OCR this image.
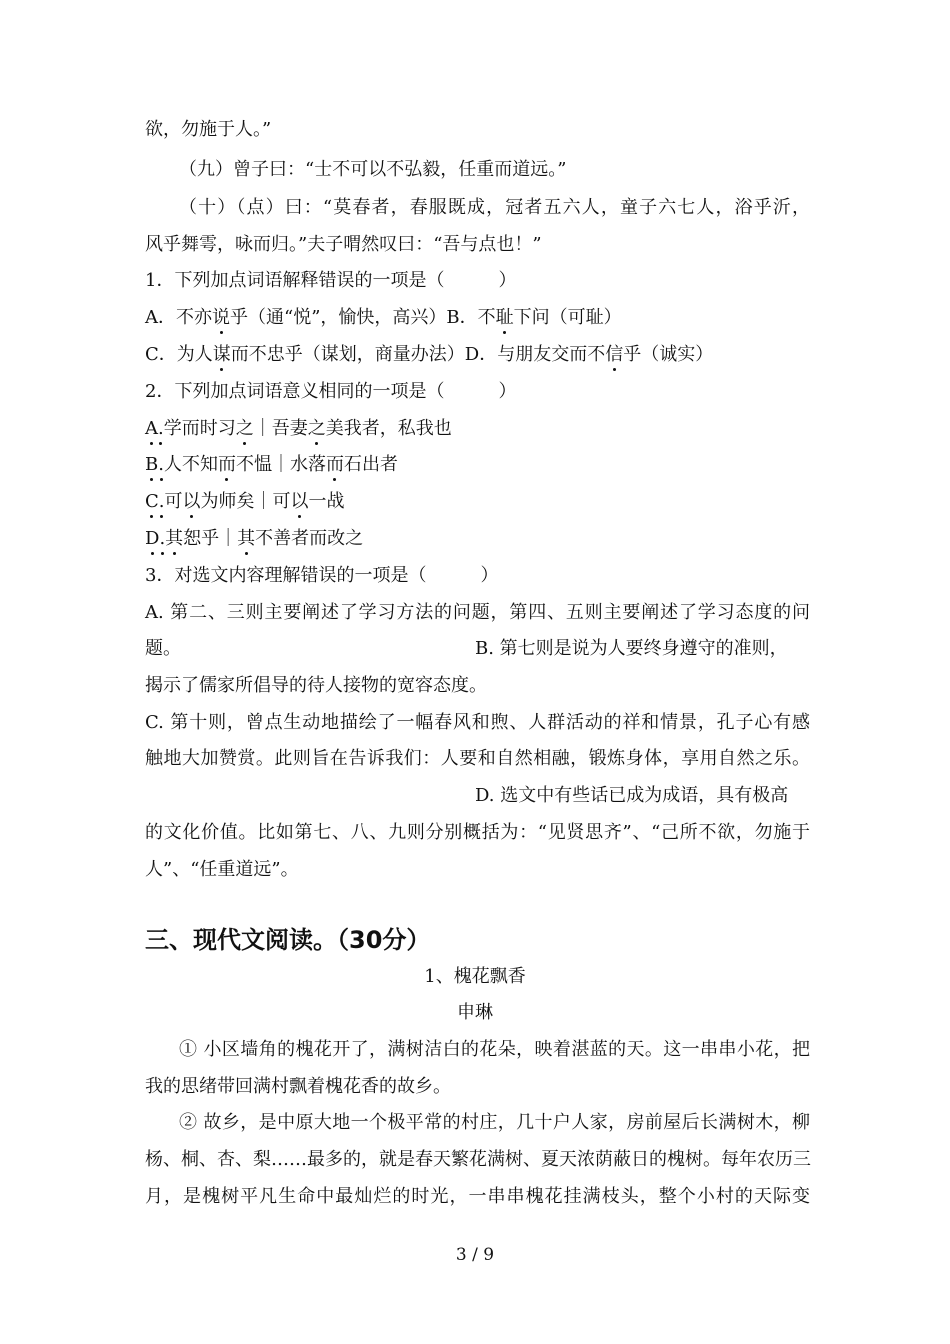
欲，勿施于人。”
（九）曾子曰：“士不可以不弘毅，任重而道远。”
（十）（点）曰：“莫春者，春服既成，冠者五六人，童子六七人，浴乎沂，
风乎舞雩，咏而归。”夫子喟然叹曰：“吾与点也！”
1．下列加点词语解释错误的一项是（　　　）
A．不亦说乎（通“悦”，愉快，高兴）B．不耻下问（可耻）
C．为人谋而不忠乎（谋划，商量办法）D．与朋友交而不信乎（诚实）
2．下列加点词语意义相同的一项是（　　　）
A.学而时习之｜吾妻之美我者，私我也
B.人不知而不愠｜水落而石出者
C.可以为师矣｜可以一战
D.其恕乎｜其不善者而改之
3．对选文内容理解错误的一项是（　　　）
A. 第二、三则主要阐述了学习方法的问题，第四、五则主要阐述了学习态度的问
题。	B. 第七则是说为人要终身遵守的准则，
揭示了儒家所倡导的待人接物的宽容态度。
C. 第十则，曾点生动地描绘了一幅春风和煦、人群活动的祥和情景，孔子心有感
触地大加赞赏。此则旨在告诉我们：人要和自然相融，锻炼身体，享用自然之乐。
D. 选文中有些话已成为成语，具有极高
的文化价值。比如第七、八、九则分别概括为：“见贤思齐”、“己所不欲，勿施于
人”、“任重道远”。
三、现代文阅读。（30分）
1、槐花飘香
申琳
① 小区墙角的槐花开了，满树洁白的花朵，映着湛蓝的天。这一串串小花，把
我的思绪带回满村飘着槐花香的故乡。
② 故乡，是中原大地一个极平常的村庄，几十户人家，房前屋后长满树木，柳
杨、桐、杏、梨……最多的，就是春天繁花满树、夏天浓荫蔽日的槐树。每年农历三
月，是槐树平凡生命中最灿烂的时光，一串串槐花挂满枝头，整个小村的天际变
3 / 9
